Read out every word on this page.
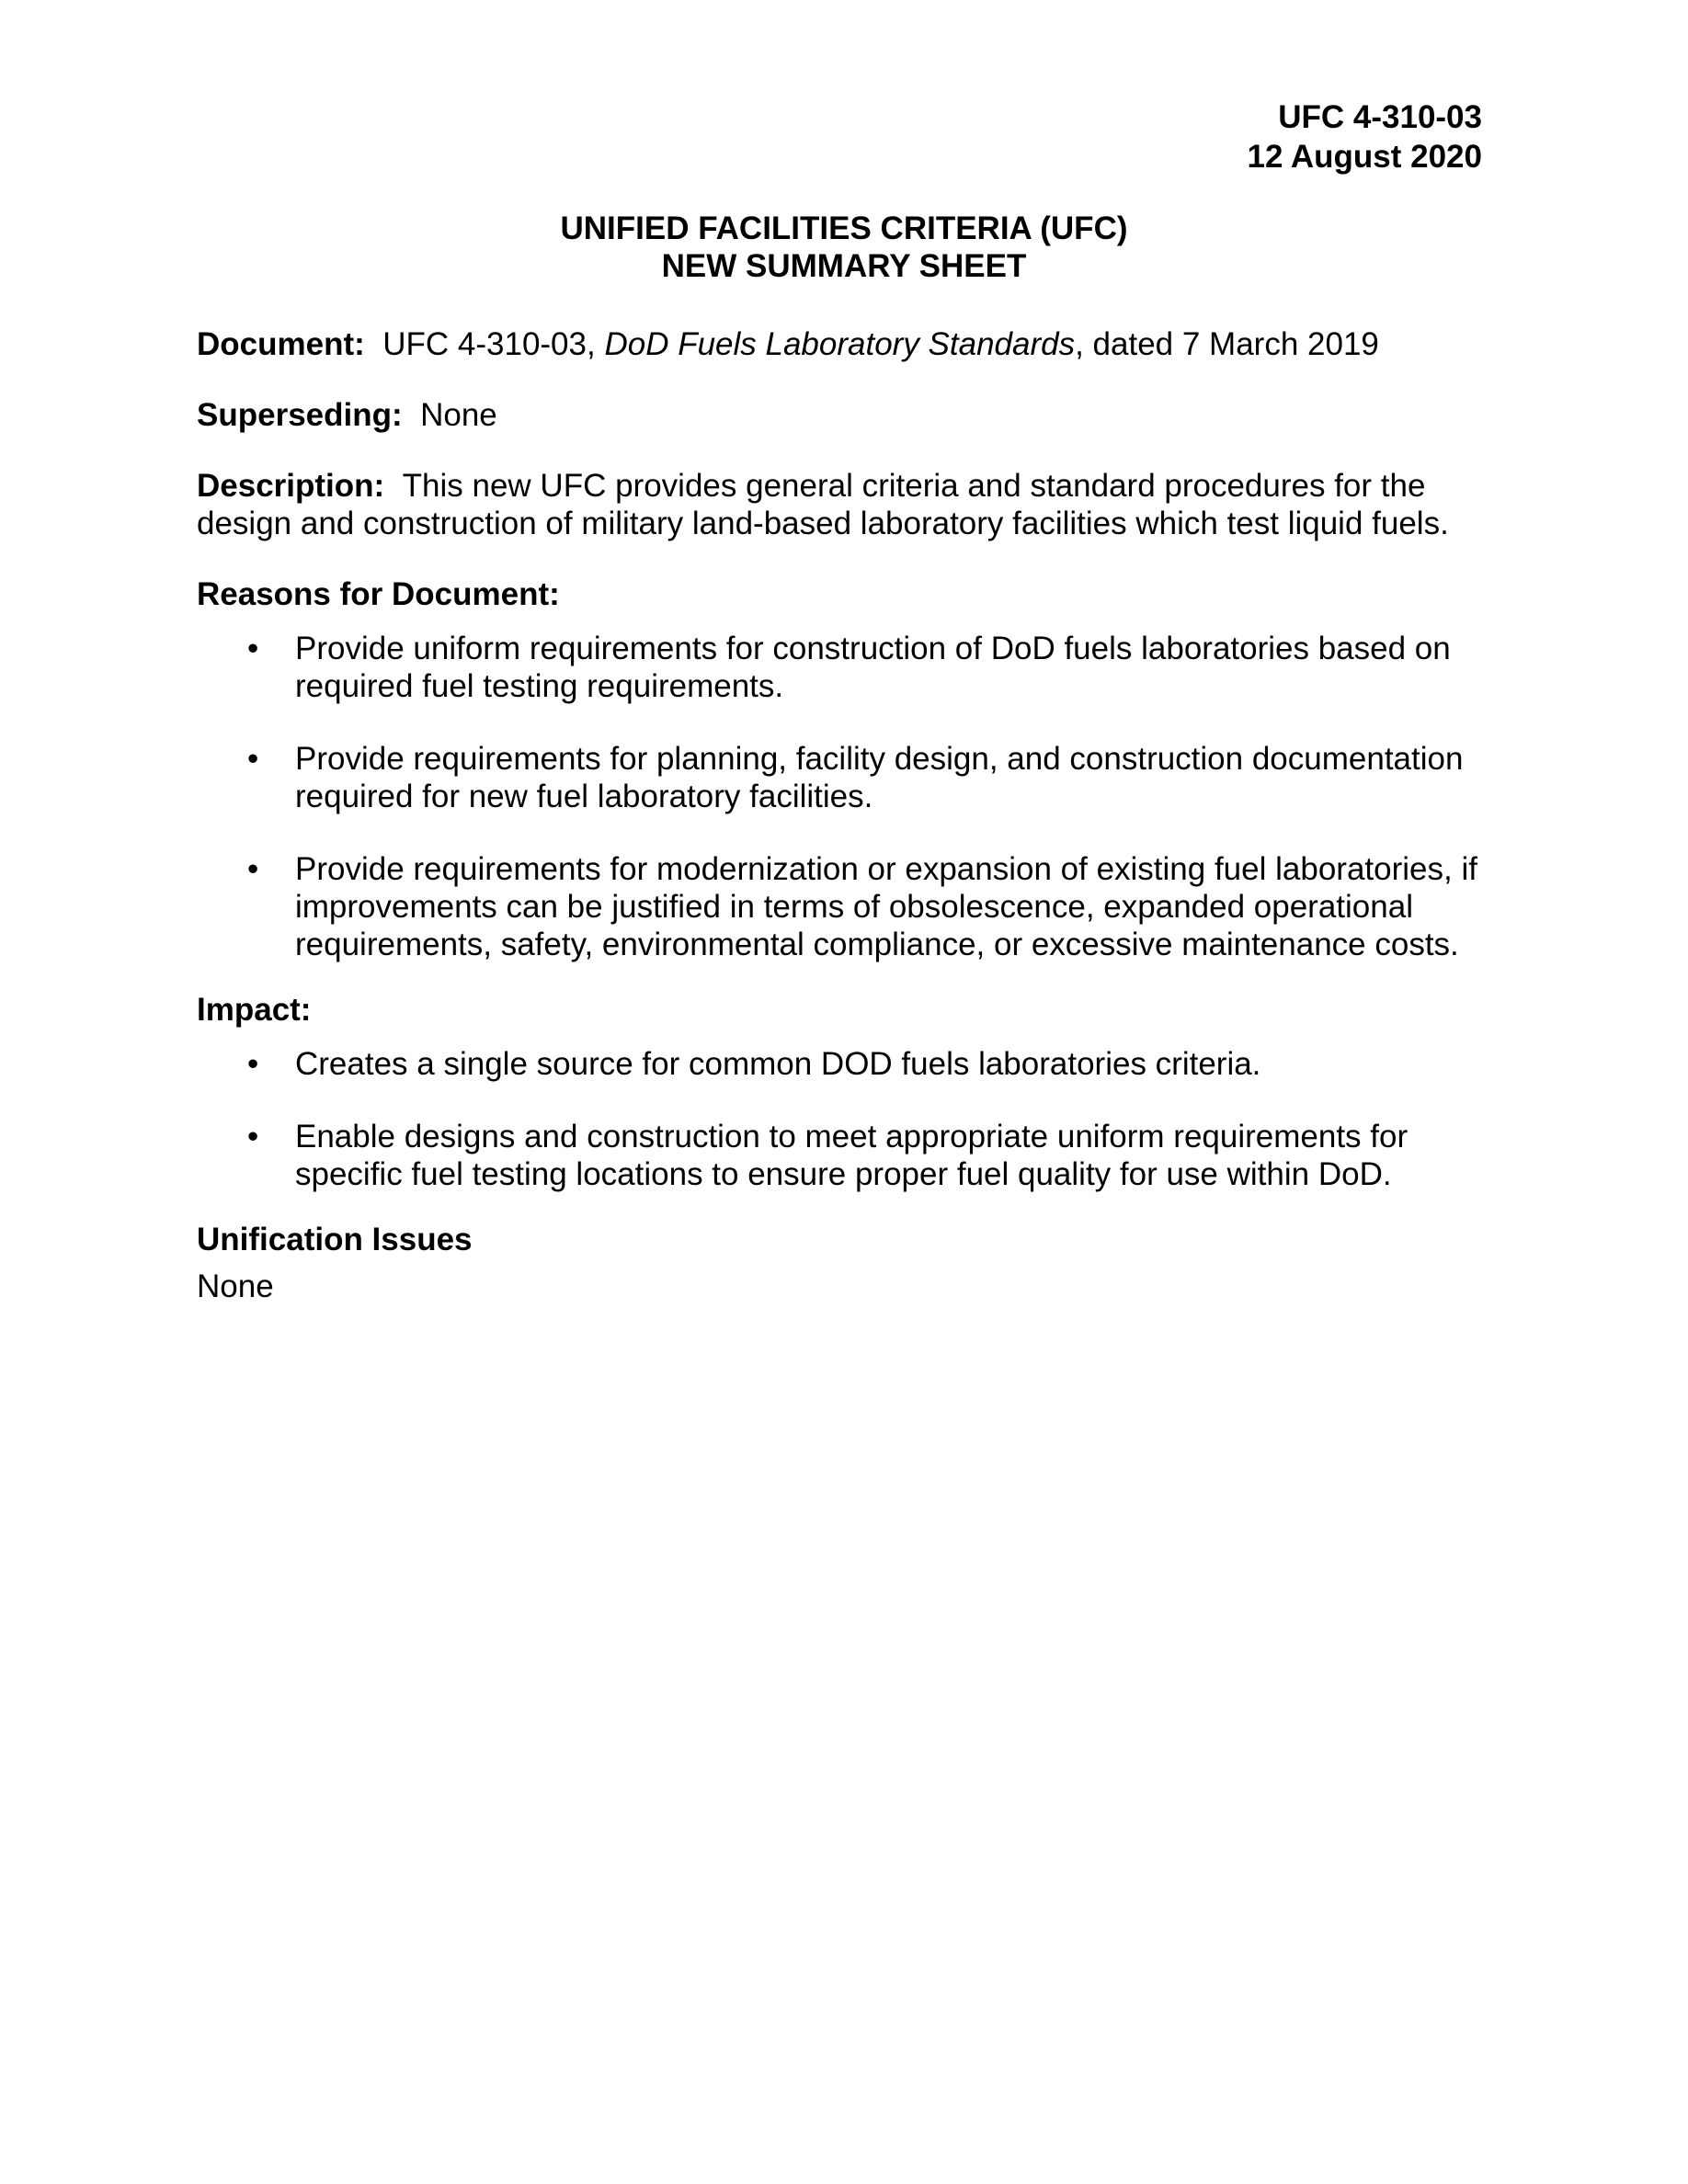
UFC 4-310-03
12 August 2020
UNIFIED FACILITIES CRITERIA (UFC)
NEW SUMMARY SHEET

Document: UFC 4-310-03, DoD Fuels Laboratory Standards, dated 7 March 2019

Superseding: None

Description: This new UFC provides general criteria and standard procedures for the design and construction of military land-based laboratory facilities which test liquid fuels.

Reasons for Document:

• Provide uniform requirements for construction of DoD fuels laboratories based on required fuel testing requirements.
• Provide requirements for planning, facility design, and construction documentation required for new fuel laboratory facilities.
• Provide requirements for modernization or expansion of existing fuel laboratories, if improvements can be justified in terms of obsolescence, expanded operational requirements, safety, environmental compliance, or excessive maintenance costs.

Impact:

• Creates a single source for common DOD fuels laboratories criteria.
• Enable designs and construction to meet appropriate uniform requirements for specific fuel testing locations to ensure proper fuel quality for use within DoD.

Unification Issues

None
